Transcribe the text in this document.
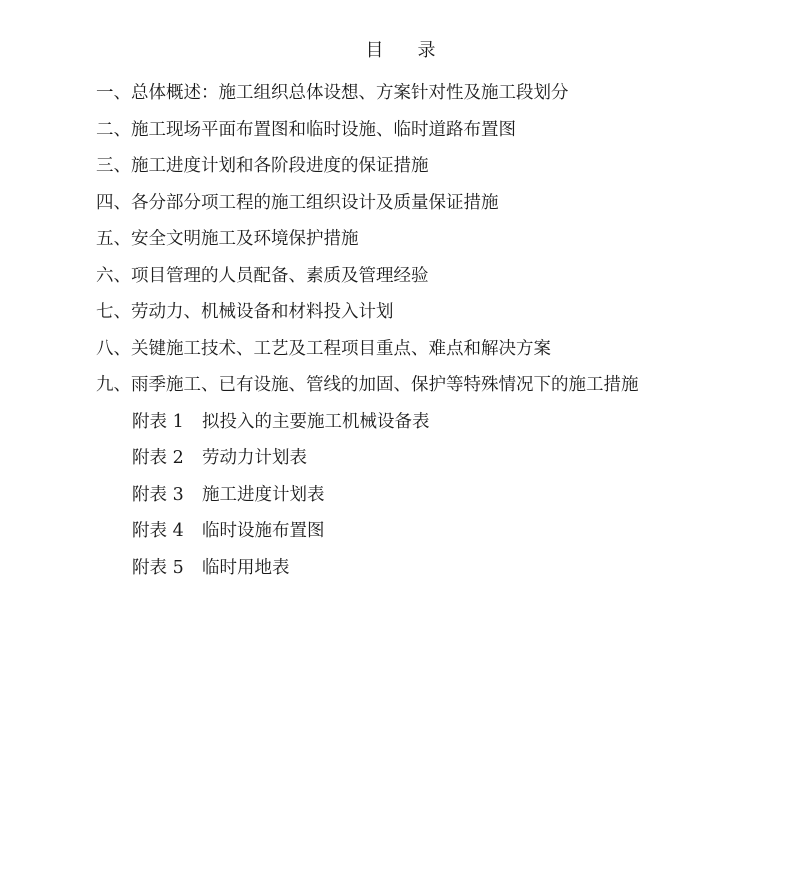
目录
一、总体概述：施工组织总体设想、方案针对性及施工段划分
二、施工现场平面布置图和临时设施、临时道路布置图
三、施工进度计划和各阶段进度的保证措施
四、各分部分项工程的施工组织设计及质量保证措施
五、安全文明施工及环境保护措施
六、项目管理的人员配备、素质及管理经验
七、劳动力、机械设备和材料投入计划
八、关键施工技术、工艺及工程项目重点、难点和解决方案
九、雨季施工、已有设施、管线的加固、保护等特殊情况下的施工措施
附表 1 拟投入的主要施工机械设备表
附表 2 劳动力计划表
附表 3 施工进度计划表
附表 4 临时设施布置图
附表 5 临时用地表
